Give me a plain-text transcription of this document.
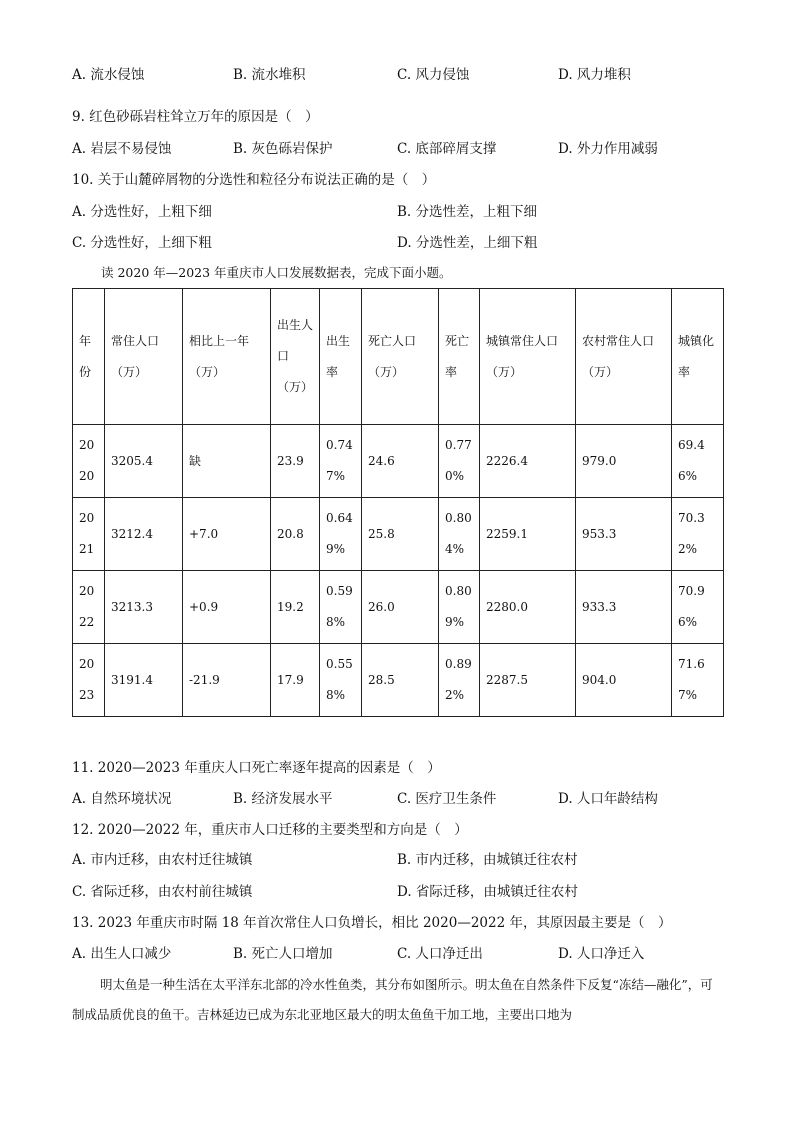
A. 流水侵蚀	B. 流水堆积	C. 风力侵蚀	D. 风力堆积
9. 红色砂砾岩柱耸立万年的原因是（　）
A. 岩层不易侵蚀	B. 灰色砾岩保护	C. 底部碎屑支撑	D. 外力作用减弱
10. 关于山麓碎屑物的分选性和粒径分布说法正确的是（　）
A. 分选性好，上粗下细	B. 分选性差，上粗下细
C. 分选性好，上细下粗	D. 分选性差，上细下粗
读 2020 年—2023 年重庆市人口发展数据表，完成下面小题。
年份	常住人口（万）	相比上一年（万）	出生人口（万）	出生率	死亡人口（万）	死亡率	城镇常住人口（万）	农村常住人口（万）	城镇化率
2020	3205.4	缺	23.9	0.747%	24.6	0.770%	2226.4	979.0	69.46%
2021	3212.4	+7.0	20.8	0.649%	25.8	0.804%	2259.1	953.3	70.32%
2022	3213.3	+0.9	19.2	0.598%	26.0	0.809%	2280.0	933.3	70.96%
2023	3191.4	-21.9	17.9	0.558%	28.5	0.892%	2287.5	904.0	71.67%
11. 2020—2023 年重庆人口死亡率逐年提高的因素是（　）
A. 自然环境状况	B. 经济发展水平	C. 医疗卫生条件	D. 人口年龄结构
12. 2020—2022 年，重庆市人口迁移的主要类型和方向是（　）
A. 市内迁移，由农村迁往城镇	B. 市内迁移，由城镇迁往农村
C. 省际迁移，由农村前往城镇	D. 省际迁移，由城镇迁往农村
13. 2023 年重庆市时隔 18 年首次常住人口负增长，相比 2020—2022 年，其原因最主要是（　）
A. 出生人口减少	B. 死亡人口增加	C. 人口净迁出	D. 人口净迁入
明太鱼是一种生活在太平洋东北部的冷水性鱼类，其分布如图所示。明太鱼在自然条件下反复“冻结—融化”，可制成品质优良的鱼干。吉林延边已成为东北亚地区最大的明太鱼鱼干加工地，主要出口地为
